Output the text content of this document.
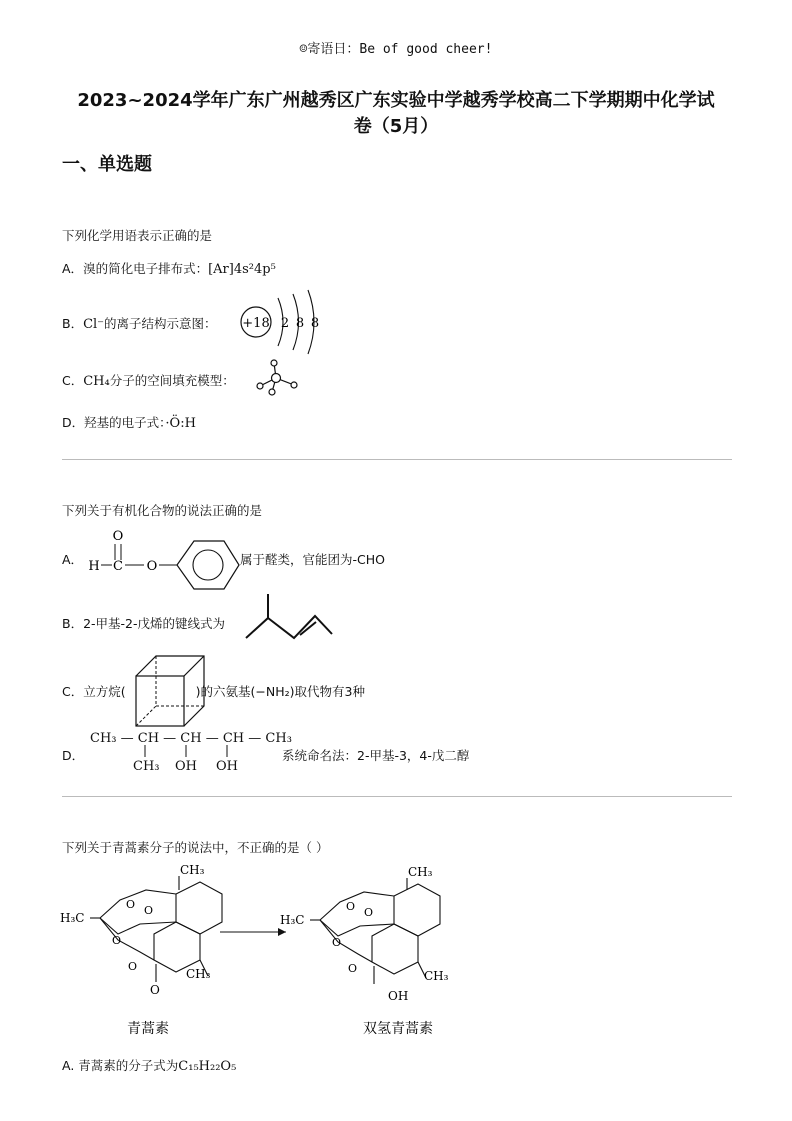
☺寄语日：Be of good cheer!
2023~2024学年广东广州越秀区广东实验中学越秀学校高二下学期期中化学试
卷（5月）
一、单选题
下列化学用语表示正确的是
A．溴的简化电子排布式：[Ar]4s²4p⁵
B．Cl⁻的离子结构示意图： +18 2 8 8
C．CH₄分子的空间填充模型：
D．羟基的电子式：·Ö:H
下列关于有机化合物的说法正确的是
A．
O
H C O	属于醛类，官能团为-CHO
B．2-甲基-2-戊烯的键线式为
C．立方烷(	)的六氨基(−NH₂)取代物有3种
D．
CH₃ — CH — CH — CH — CH₃
CH₃ OH OH
系统命名法：2-甲基-3，4-戊二醇
下列关于青蒿素分子的说法中，不正确的是（ ）
CH₃
H₃C
O O
O
O
CH₃
O
青蒿素
CH₃
H₃C
O O
O
O
CH₃
OH
双氢青蒿素
A. 青蒿素的分子式为C₁₅H₂₂O₅
